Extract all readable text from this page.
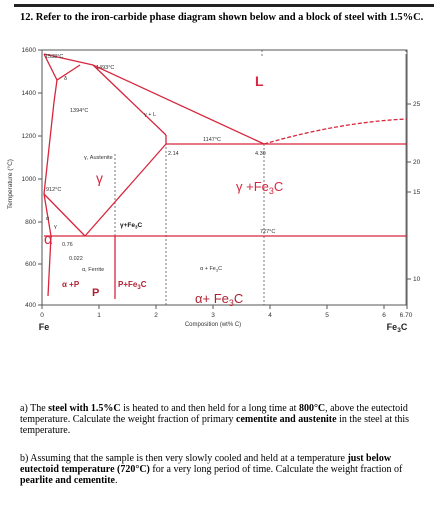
12. Refer to the iron-carbide phase diagram shown below and a block of steel with 1.5%C.
1600
1400
1200
1000
800
600
400
25
20
15
10
Temperature (°C)
0	1	2	3	4	5	6 6.70
Composition (wt% C)
Fe	$Fe_3C$
1538°C
1493°C
δ
1394°C
γ + L
1147°C
2.14	4.30
γ, Austenite
912°C
727°C
α
γ
0.76
0.022
α, Ferrite	$\alpha + Fe_3C$
$\gamma+Fe_3C$
L
γ
$\gamma +Fe_3C$
α
α +P
P
$P+Fe_3C$
$\alpha+ Fe_3C$
a) The steel with 1.5%C is heated to and then held for a long time at 800°C, above the eutectoid temperature. Calculate the weight fraction of primary cementite and austenite in the steel at this temperature.
b) Assuming that the sample is then very slowly cooled and held at a temperature just below eutectoid temperature (720°C) for a very long period of time. Calculate the weight fraction of pearlite and cementite.
